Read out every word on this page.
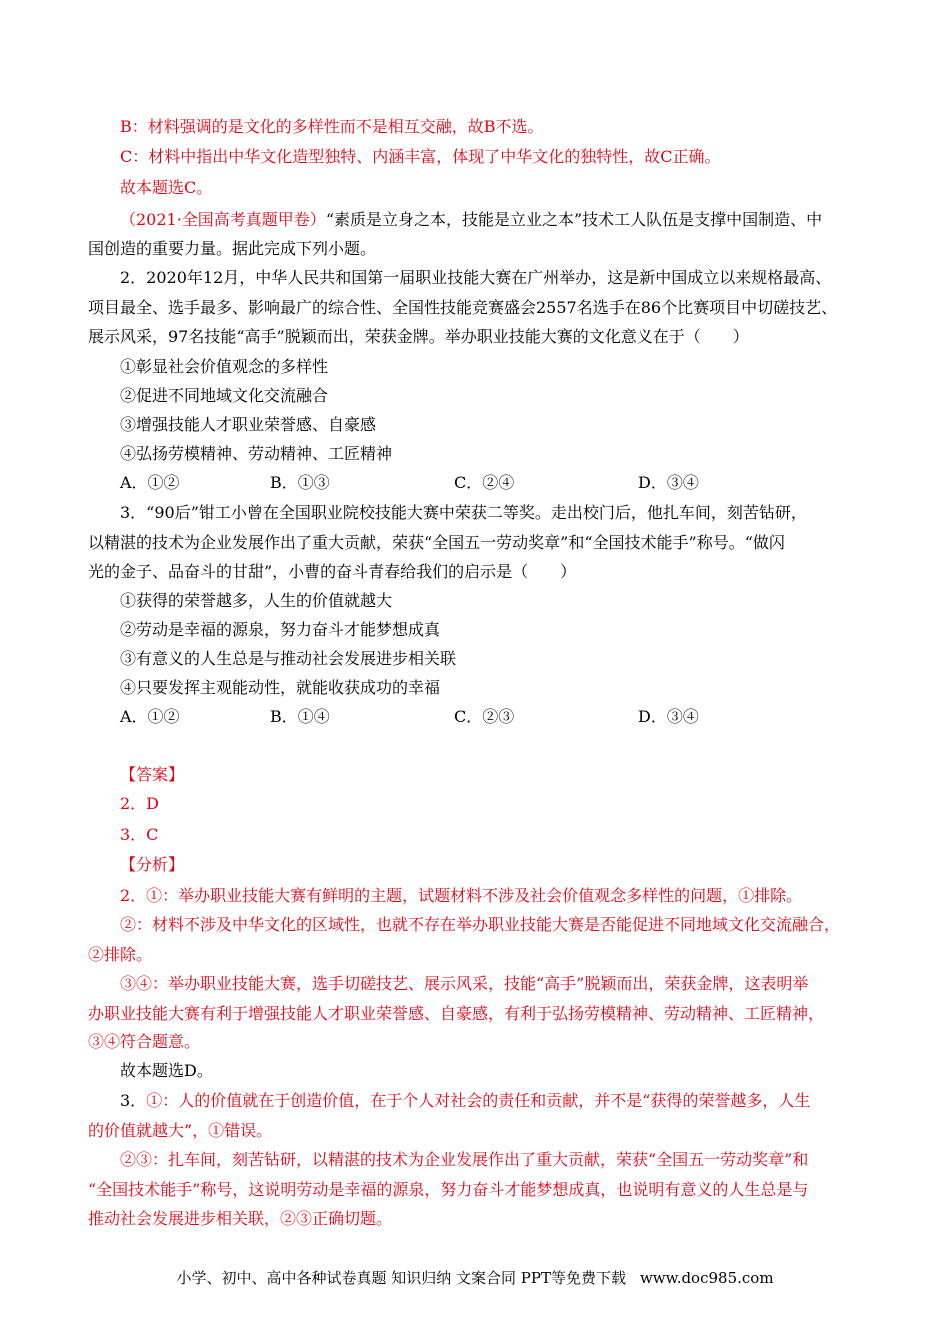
B：材料强调的是文化的多样性而不是相互交融，故B不选。
C：材料中指出中华文化造型独特、内涵丰富，体现了中华文化的独特性，故C正确。
故本题选C。
（2021·全国高考真题甲卷）“素质是立身之本，技能是立业之本”技术工人队伍是支撑中国制造、中
国创造的重要力量。据此完成下列小题。
2．2020年12月，中华人民共和国第一届职业技能大赛在广州举办，这是新中国成立以来规格最高、
项目最全、选手最多、影响最广的综合性、全国性技能竞赛盛会2557名选手在86个比赛项目中切磋技艺、
展示风采，97名技能“高手”脱颖而出，荣获金牌。举办职业技能大赛的文化意义在于（　　）
①彰显社会价值观念的多样性
②促进不同地域文化交流融合
③增强技能人才职业荣誉感、自豪感
④弘扬劳模精神、劳动精神、工匠精神
A．①②	B．①③	C．②④	D．③④
3．“90后”钳工小曾在全国职业院校技能大赛中荣获二等奖。走出校门后，他扎车间，刻苦钻研，
以精湛的技术为企业发展作出了重大贡献，荣获“全国五一劳动奖章”和“全国技术能手”称号。“做闪
光的金子、品奋斗的甘甜”，小曹的奋斗青春给我们的启示是（　　）
①获得的荣誉越多，人生的价值就越大
②劳动是幸福的源泉，努力奋斗才能梦想成真
③有意义的人生总是与推动社会发展进步相关联
④只要发挥主观能动性，就能收获成功的幸福
A．①②	B．①④	C．②③	D．③④
【答案】
2．D
3．C
【分析】
2．①：举办职业技能大赛有鲜明的主题，试题材料不涉及社会价值观念多样性的问题，①排除。
②：材料不涉及中华文化的区域性，也就不存在举办职业技能大赛是否能促进不同地域文化交流融合，
②排除。
③④：举办职业技能大赛，选手切磋技艺、展示风采，技能“高手”脱颖而出，荣获金牌，这表明举
办职业技能大赛有利于增强技能人才职业荣誉感、自豪感，有利于弘扬劳模精神、劳动精神、工匠精神，
③④符合题意。
故本题选D。
3．①：人的价值就在于创造价值，在于个人对社会的责任和贡献，并不是“获得的荣誉越多，人生
的价值就越大”，①错误。
②③：扎车间，刻苦钻研，以精湛的技术为企业发展作出了重大贡献，荣获“全国五一劳动奖章”和
“全国技术能手”称号，这说明劳动是幸福的源泉，努力奋斗才能梦想成真，也说明有意义的人生总是与
推动社会发展进步相关联，②③正确切题。
小学、初中、高中各种试卷真题 知识归纳 文案合同 PPT等免费下载 www.doc985.com
